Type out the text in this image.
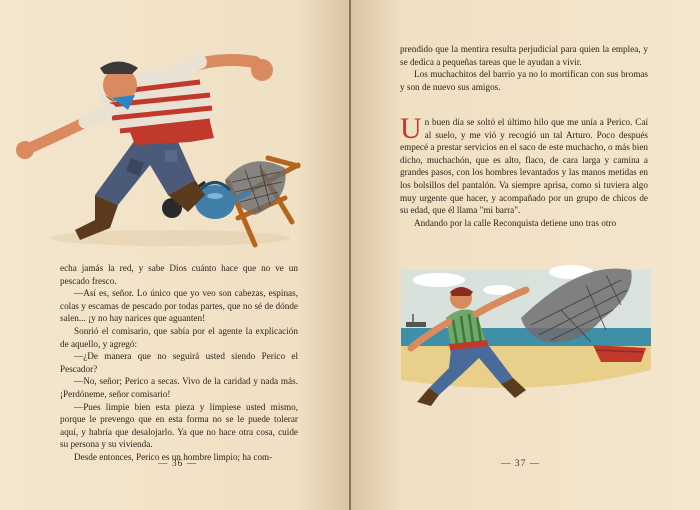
echa jamás la red, y sabe Dios cuánto hace que no ve un pescado fresco.

—Así es, señor. Lo único que yo veo son cabezas, espinas, colas y escamas de pescado por todas partes, que no sé de dónde salen... ¡y no hay narices que aguanten!

Sonrió el comisario, que sabía por el agente la explicación de aquello, y agregó:

—¿De manera que no seguirá usted siendo Perico el Pescador?

—No, señor; Perico a secas. Vivo de la caridad y nada más. ¡Perdóneme, señor comisario!

—Pues limpie bien esta pieza y límpiese usted mismo, porque le prevengo que en esta forma no se le puede tolerar aquí, y habría que desalojarlo. Ya que no hace otra cosa, cuide su persona y su vivienda.

Desde entonces, Perico es un hombre limpio; ha com-

— 36 —

prendido que la mentira resulta perjudicial para quien la emplea, y se dedica a pequeñas tareas que le ayudan a vivir.

Los muchachitos del barrio ya no lo mortifican con sus bromas y son de nuevo sus amigos.

U n buen día se soltó el último hilo que me unía a Perico. Caí al suelo, y me vió y recogió un tal Arturo. Poco después empecé a prestar servicios en el saco de este muchacho, o más bien dicho, muchachón, que es alto, flaco, de cara larga y camina a grandes pasos, con los hombres levantados y las manos metidas en los bolsillos del pantalón. Va siempre aprisa, como si tuviera algo muy urgente que hacer, y acompañado por un grupo de chicos de su edad, que él llama "mi barra".

Andando por la calle Reconquista detiene uno tras otro

— 37 —
